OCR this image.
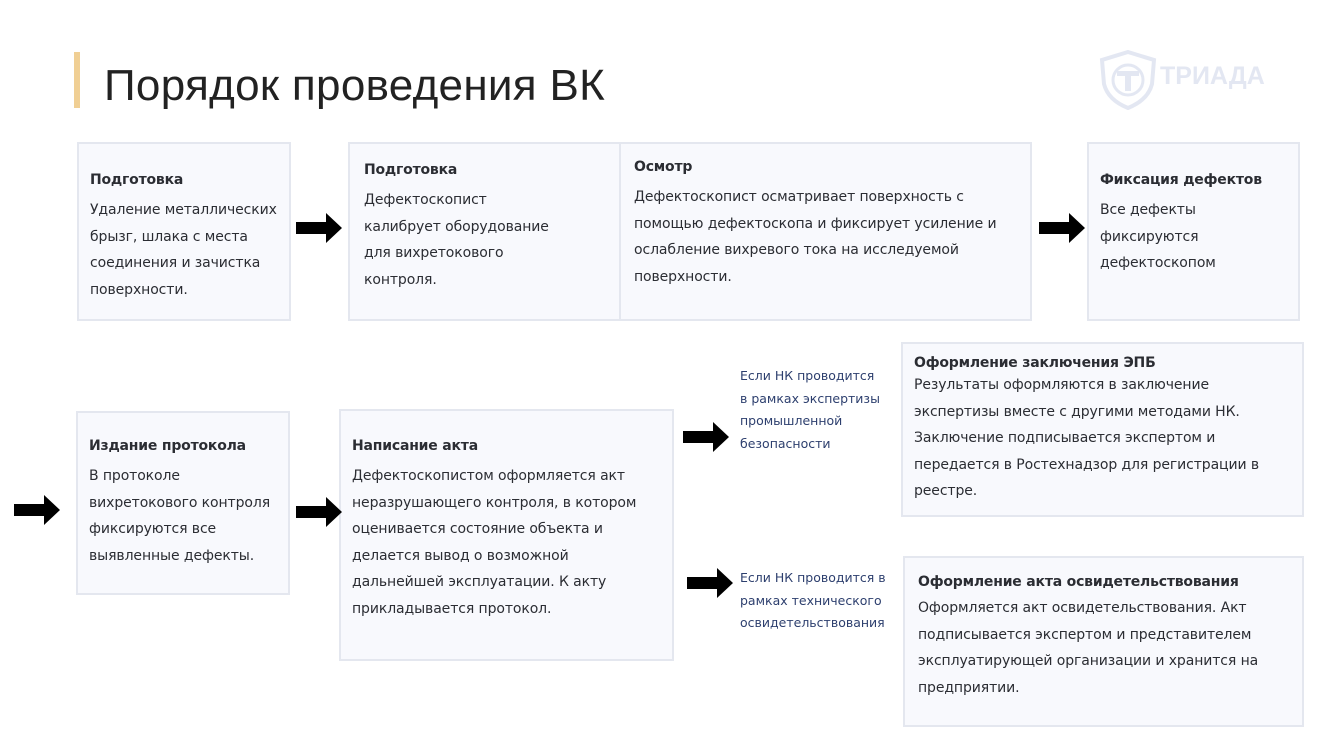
Порядок проведения ВК	ТРИАДА
Подготовка
Удаление металлических
брызг, шлака с места
соединения и зачистка
поверхности.
Подготовка
Дефектоскопист
калибрует оборудование
для вихретокового
контроля.
Осмотр
Дефектоскопист осматривает поверхность с
помощью дефектоскопа и фиксирует усиление и
ослабление вихревого тока на исследуемой
поверхности.
Фиксация дефектов
Все дефекты
фиксируются
дефектоскопом
Издание протокола
В протоколе
вихретокового контроля
фиксируются все
выявленные дефекты.
Написание акта
Дефектоскопистом оформляется акт
неразрушающего контроля, в котором
оценивается состояние объекта и
делается вывод о возможной
дальнейшей эксплуатации. К акту
прикладывается протокол.
Оформление заключения ЭПБ
Результаты оформляются в заключение
экспертизы вместе с другими методами НК.
Заключение подписывается экспертом и
передается в Ростехнадзор для регистрации в
реестре.
Оформление акта освидетельствования
Оформляется акт освидетельствования. Акт
подписывается экспертом и представителем
эксплуатирующей организации и хранится на
предприятии.
Если НК проводится
в рамках экспертизы
промышленной
безопасности
Если НК проводится в
рамках технического
освидетельствования
